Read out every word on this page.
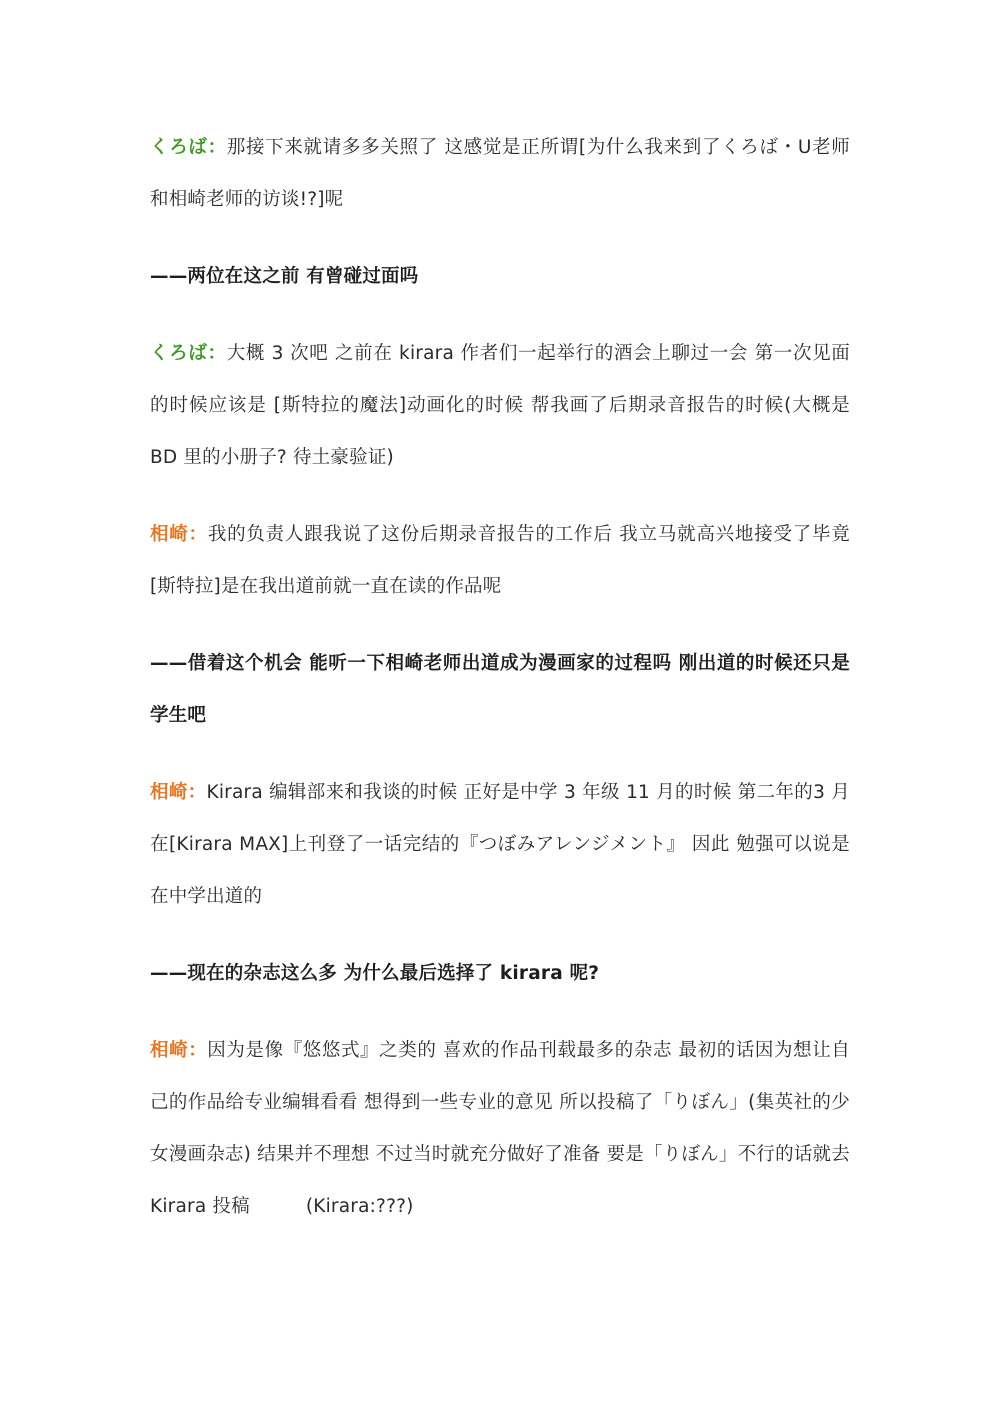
くろば：那接下来就请多多关照了 这感觉是正所谓[为什么我来到了くろば・U老师和相崎老师的访谈!?]呢

——两位在这之前 有曾碰过面吗

くろば：大概 3 次吧 之前在 kirara 作者们一起举行的酒会上聊过一会 第一次见面的时候应该是 [斯特拉的魔法]动画化的时候 帮我画了后期录音报告的时候(大概是 BD 里的小册子? 待土豪验证)

相崎：我的负责人跟我说了这份后期录音报告的工作后 我立马就高兴地接受了毕竟[斯特拉]是在我出道前就一直在读的作品呢

——借着这个机会 能听一下相崎老师出道成为漫画家的过程吗 刚出道的时候还只是学生吧

相崎：Kirara 编辑部来和我谈的时候 正好是中学 3 年级 11 月的时候 第二年的3 月在[Kirara MAX]上刊登了一话完结的『つぼみアレンジメント』 因此 勉强可以说是在中学出道的

——现在的杂志这么多 为什么最后选择了 kirara 呢?

相崎：因为是像『悠悠式』之类的 喜欢的作品刊载最多的杂志 最初的话因为想让自己的作品给专业编辑看看 想得到一些专业的意见 所以投稿了「りぼん」(集英社的少女漫画杂志) 结果并不理想 不过当时就充分做好了准备 要是「りぼん」不行的话就去 Kirara 投稿	(Kirara:???)
